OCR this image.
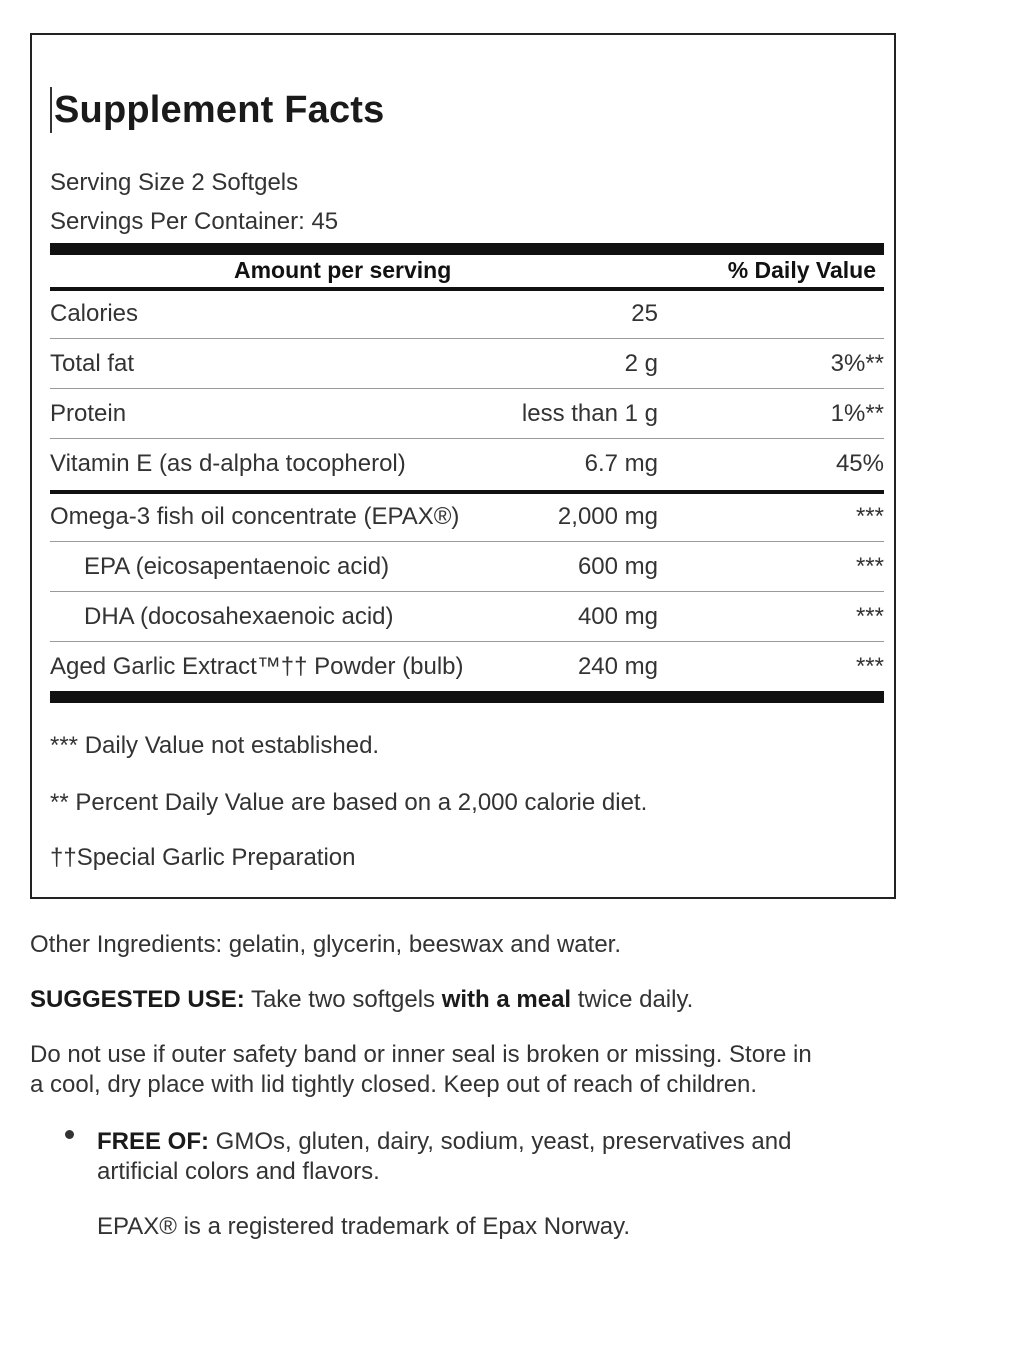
Supplement Facts
Serving Size 2 Softgels
Servings Per Container: 45
Amount per serving	% Daily Value
Calories	25
Total fat	2 g	3%**
Protein	less than 1 g	1%**
Vitamin E (as d-alpha tocopherol)	6.7 mg	45%
Omega-3 fish oil concentrate (EPAX®)	2,000 mg	***
EPA (eicosapentaenoic acid)	600 mg	***
DHA (docosahexaenoic acid)	400 mg	***
Aged Garlic Extract™†† Powder (bulb)	240 mg	***
*** Daily Value not established.
** Percent Daily Value are based on a 2,000 calorie diet.
††Special Garlic Preparation
Other Ingredients: gelatin, glycerin, beeswax and water.
SUGGESTED USE: Take two softgels with a meal twice daily.
Do not use if outer safety band or inner seal is broken or missing. Store in
a cool, dry place with lid tightly closed. Keep out of reach of children.
FREE OF: GMOs, gluten, dairy, sodium, yeast, preservatives and
artificial colors and flavors.
EPAX® is a registered trademark of Epax Norway.
